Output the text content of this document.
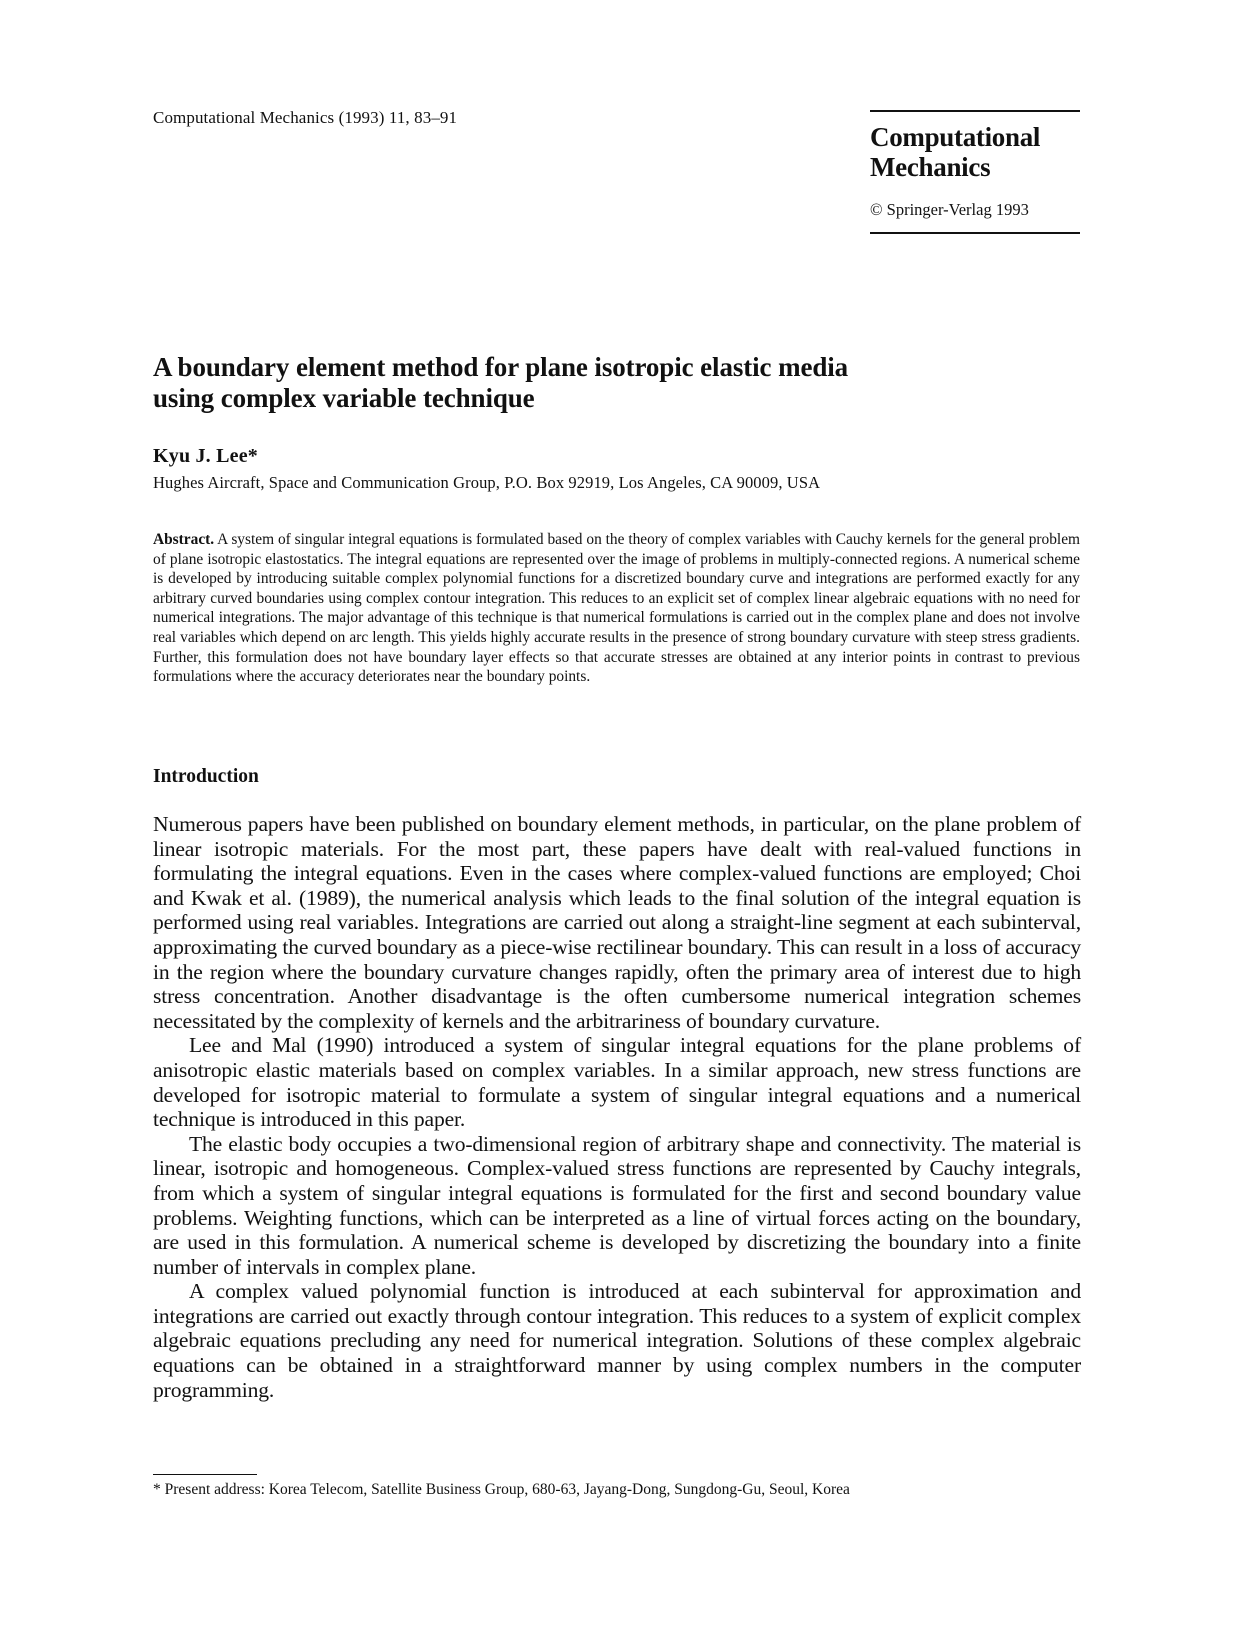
Computational Mechanics (1993) 11, 83–91
Computational
Mechanics
© Springer-Verlag 1993
A boundary element method for plane isotropic elastic media
using complex variable technique
Kyu J. Lee*
Hughes Aircraft, Space and Communication Group, P.O. Box 92919, Los Angeles, CA 90009, USA
Abstract. A system of singular integral equations is formulated based on the theory of complex variables with Cauchy kernels for the general problem of plane isotropic elastostatics. The integral equations are represented over the image of problems in multiply-connected regions. A numerical scheme is developed by introducing suitable complex polynomial functions for a discretized boundary curve and integrations are performed exactly for any arbitrary curved boundaries using complex contour integration. This reduces to an explicit set of complex linear algebraic equations with no need for numerical integrations. The major advantage of this technique is that numerical formulations is carried out in the complex plane and does not involve real variables which depend on arc length. This yields highly accurate results in the presence of strong boundary curvature with steep stress gradients. Further, this formulation does not have boundary layer effects so that accurate stresses are obtained at any interior points in contrast to previous formulations where the accuracy deteriorates near the boundary points.
Introduction

Numerous papers have been published on boundary element methods, in particular, on the plane problem of linear isotropic materials. For the most part, these papers have dealt with real-valued functions in formulating the integral equations. Even in the cases where complex-valued functions are employed; Choi and Kwak et al. (1989), the numerical analysis which leads to the final solution of the integral equation is performed using real variables. Integrations are carried out along a straight-line segment at each subinterval, approximating the curved boundary as a piece-wise rectilinear boundary. This can result in a loss of accuracy in the region where the boundary curvature changes rapidly, often the primary area of interest due to high stress concentration. Another disadvantage is the often cumbersome numerical integration schemes necessitated by the complexity of kernels and the arbitrariness of boundary curvature.

Lee and Mal (1990) introduced a system of singular integral equations for the plane problems of anisotropic elastic materials based on complex variables. In a similar approach, new stress functions are developed for isotropic material to formulate a system of singular integral equations and a numerical technique is introduced in this paper.

The elastic body occupies a two-dimensional region of arbitrary shape and connectivity. The material is linear, isotropic and homogeneous. Complex-valued stress functions are represented by Cauchy integrals, from which a system of singular integral equations is formulated for the first and second boundary value problems. Weighting functions, which can be interpreted as a line of virtual forces acting on the boundary, are used in this formulation. A numerical scheme is developed by discretizing the boundary into a finite number of intervals in complex plane.

A complex valued polynomial function is introduced at each subinterval for approximation and integrations are carried out exactly through contour integration. This reduces to a system of explicit complex algebraic equations precluding any need for numerical integration. Solutions of these complex algebraic equations can be obtained in a straightforward manner by using complex numbers in the computer programming.

* Present address: Korea Telecom, Satellite Business Group, 680-63, Jayang-Dong, Sungdong-Gu, Seoul, Korea
